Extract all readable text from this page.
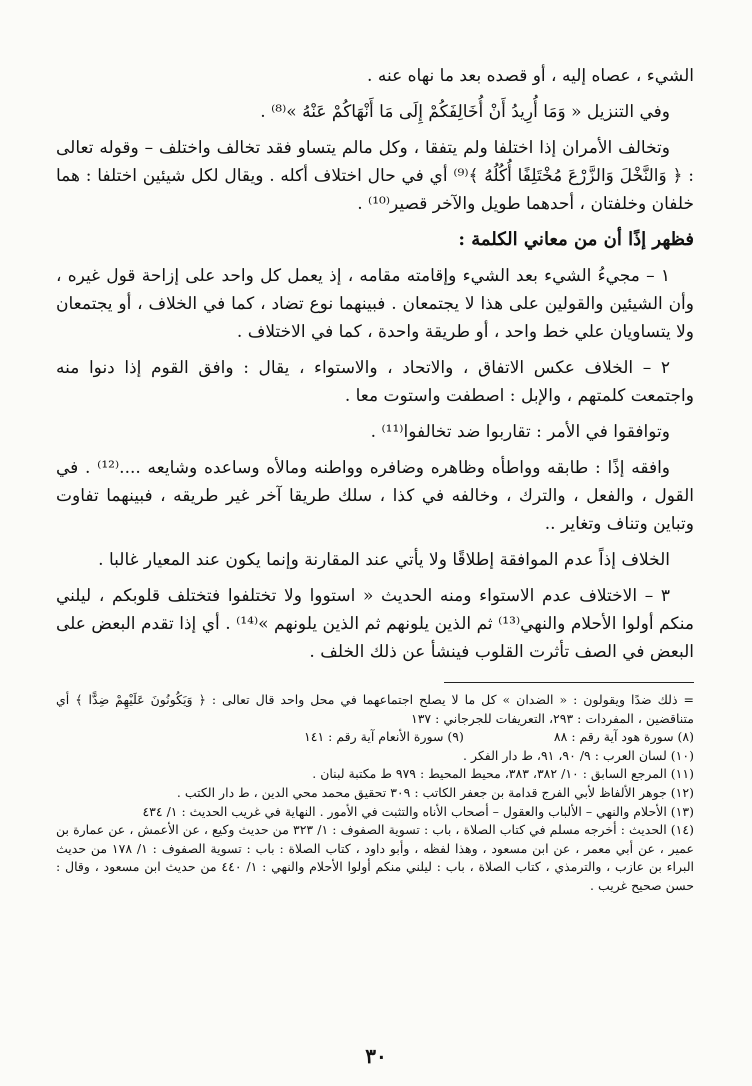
الشيء ، عصاه إليه ، أو قصده بعد ما نهاه عنه .

وفي التنزيل « وَمَا أُرِيدُ أَنْ أُخَالِفَكُمْ إِلَى مَا أَنْهَاكُمْ عَنْهُ »⁽⁸⁾ .

وتخالف الأمران إذا اختلفا ولم يتفقا ، وكل مالم يتساو فقد تخالف واختلف – وقوله تعالى : ﴿ وَالنَّخْلَ وَالزَّرْعَ مُخْتَلِفًا أُكُلُهُ ﴾⁽⁹⁾ أي في حال اختلاف أكله . ويقال لكل شيئين اختلفا : هما خلفان وخلفتان ، أحدهما طويل والآخر قصير⁽¹⁰⁾ .

فظهر إذًا أن من معاني الكلمة :

١ – مجيءُ الشيء بعد الشيء وإقامته مقامه ، إذ يعمل كل واحد على إزاحة قول غيره ، وأن الشيئين والقولين على هذا لا يجتمعان . فبينهما نوع تضاد ، كما في الخلاف ، أو يجتمعان ولا يتساويان علي خط واحد ، أو طريقة واحدة ، كما في الاختلاف .

٢ – الخلاف عكس الاتفاق ، والاتحاد ، والاستواء ، يقال : وافق القوم إذا دنوا منه واجتمعت كلمتهم ، والإبل : اصطفت واستوت معا .

وتوافقوا في الأمر : تقاربوا ضد تخالفوا⁽¹¹⁾ .

وافقه إذًا : طابقه وواطأه وظاهره وضافره وواطنه ومالأه وساعده وشايعه ....⁽¹²⁾ . في القول ، والفعل ، والترك ، وخالفه في كذا ، سلك طريقا آخر غير طريقه ، فبينهما تفاوت وتباين وتناف وتغاير ..

الخلاف إذاً عدم الموافقة إطلاقًا ولا يأتي عند المقارنة وإنما يكون عند المعيار غالبا .

٣ – الاختلاف عدم الاستواء ومنه الحديث « استووا ولا تختلفوا فتختلف قلوبكم ، ليلني منكم أولوا الأحلام والنهي⁽¹³⁾ ثم الذين يلونهم ثم الذين يلونهم »⁽¹⁴⁾ . أي إذا تقدم البعض على البعض في الصف تأثرت القلوب فينشأ عن ذلك الخلف .

= ذلك ضدًا ويقولون : « الضدان » كل ما لا يصلح اجتماعهما في محل واحد قال تعالى : ﴿ وَيَكُونُونَ عَلَيْهِمْ ضِدًّا ﴾ أي متناقضين ، المفردات : ٢٩٣، التعريفات للجرجاني : ١٣٧

(٨) سورة هود آية رقم : ٨٨
(٩) سورة الأنعام آية رقم : ١٤١

(١٠) لسان العرب : ٩/ ٩٠، ٩١، ط دار الفكر .

(١١) المرجع السابق : ١٠/ ٣٨٢، ٣٨٣، محيط المحيط : ٩٧٩ ط مكتبة لبنان .

(١٢) جوهر الألفاظ لأبي الفرج قدامة بن جعفر الكاتب : ٣٠٩ تحقيق محمد محي الدين ، ط دار الكتب .

(١٣) الأحلام والنهي – الألباب والعقول – أصحاب الأناه والتثبت في الأمور . النهاية في غريب الحديث : ١/ ٤٣٤

(١٤) الحديث : أخرجه مسلم في كتاب الصلاة ، باب : تسوية الصفوف : ١/ ٣٢٣ من حديث وكيع ، عن الأعمش ، عن عمارة بن عمير ، عن أبي معمر ، عن ابن مسعود ، وهذا لفظه ، وأبو داود ، كتاب الصلاة : باب : تسوية الصفوف : ١/ ١٧٨ من حديث البراء بن عازب ، والترمذي ، كتاب الصلاة ، باب : ليلني منكم أولوا الأحلام والنهي : ١/ ٤٤٠ من حديث ابن مسعود ، وقال : حسن صحيح غريب .

٣٠
